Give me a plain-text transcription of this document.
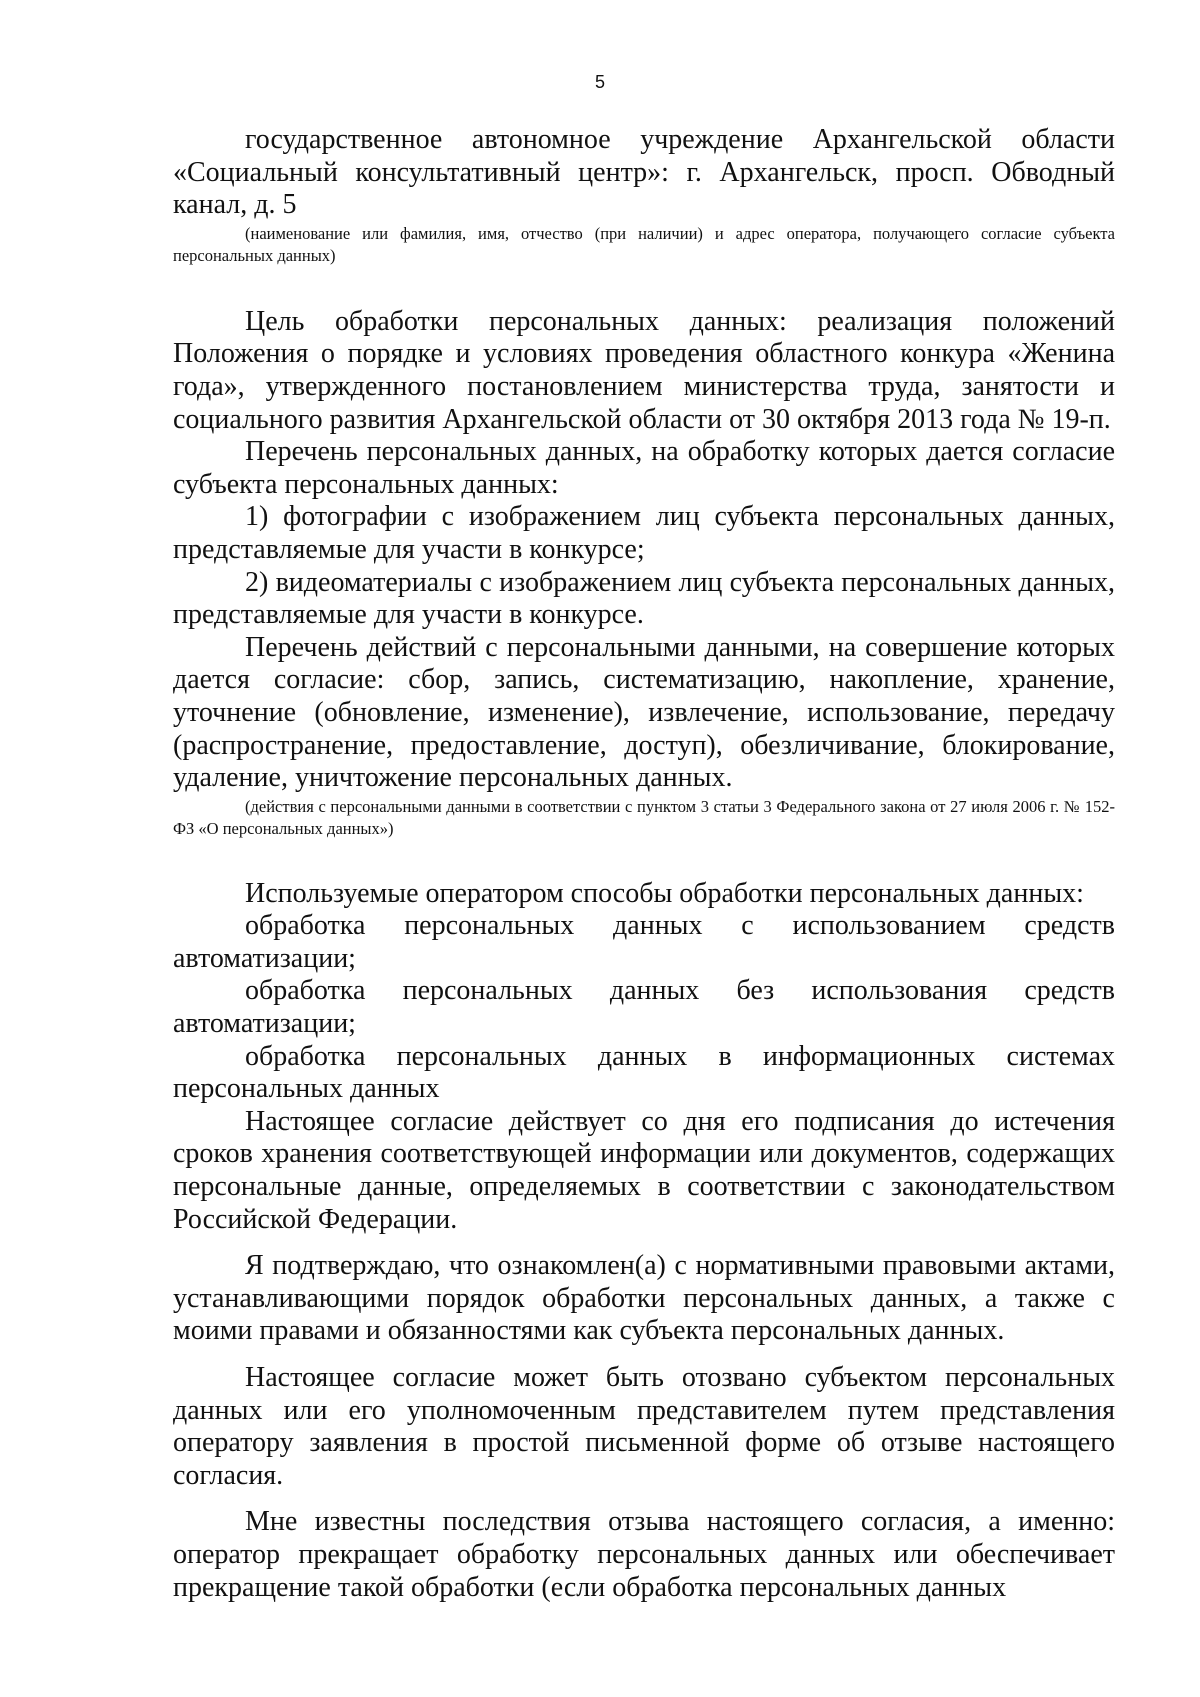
5

государственное автономное учреждение Архангельской области «Социальный консультативный центр»: г. Архангельск, просп. Обводный канал, д. 5

(наименование или фамилия, имя, отчество (при наличии) и адрес оператора, получающего согласие субъекта персональных данных)

Цель обработки персональных данных: реализация положений Положения о порядке и условиях проведения областного конкура «Женина года», утвержденного постановлением министерства труда, занятости и социального развития Архангельской области от 30 октября 2013 года № 19-п.

Перечень персональных данных, на обработку которых дается согласие субъекта персональных данных:

1) фотографии с изображением лиц субъекта персональных данных, представляемые для участи в конкурсе;

2) видеоматериалы с изображением лиц субъекта персональных данных, представляемые для участи в конкурсе.

Перечень действий с персональными данными, на совершение которых дается согласие: сбор, запись, систематизацию, накопление, хранение, уточнение (обновление, изменение), извлечение, использование, передачу (распространение, предоставление, доступ), обезличивание, блокирование, удаление, уничтожение персональных данных.

(действия с персональными данными в соответствии с пунктом 3 статьи 3 Федерального закона от 27 июля 2006 г. № 152-ФЗ «О персональных данных»)

Используемые оператором способы обработки персональных данных:

обработка персональных данных с использованием средств автоматизации;

обработка персональных данных без использования средств автоматизации;

обработка персональных данных в информационных системах персональных данных

Настоящее согласие действует со дня его подписания до истечения сроков хранения соответствующей информации или документов, содержащих персональные данные, определяемых в соответствии с законодательством Российской Федерации.

Я подтверждаю, что ознакомлен(а) с нормативными правовыми актами, устанавливающими порядок обработки персональных данных, а также с моими правами и обязанностями как субъекта персональных данных.

Настоящее согласие может быть отозвано субъектом персональных данных или его уполномоченным представителем путем представления оператору заявления в простой письменной форме об отзыве настоящего согласия.

Мне известны последствия отзыва настоящего согласия, а именно: оператор прекращает обработку персональных данных или обеспечивает прекращение такой обработки (если обработка персональных данных
